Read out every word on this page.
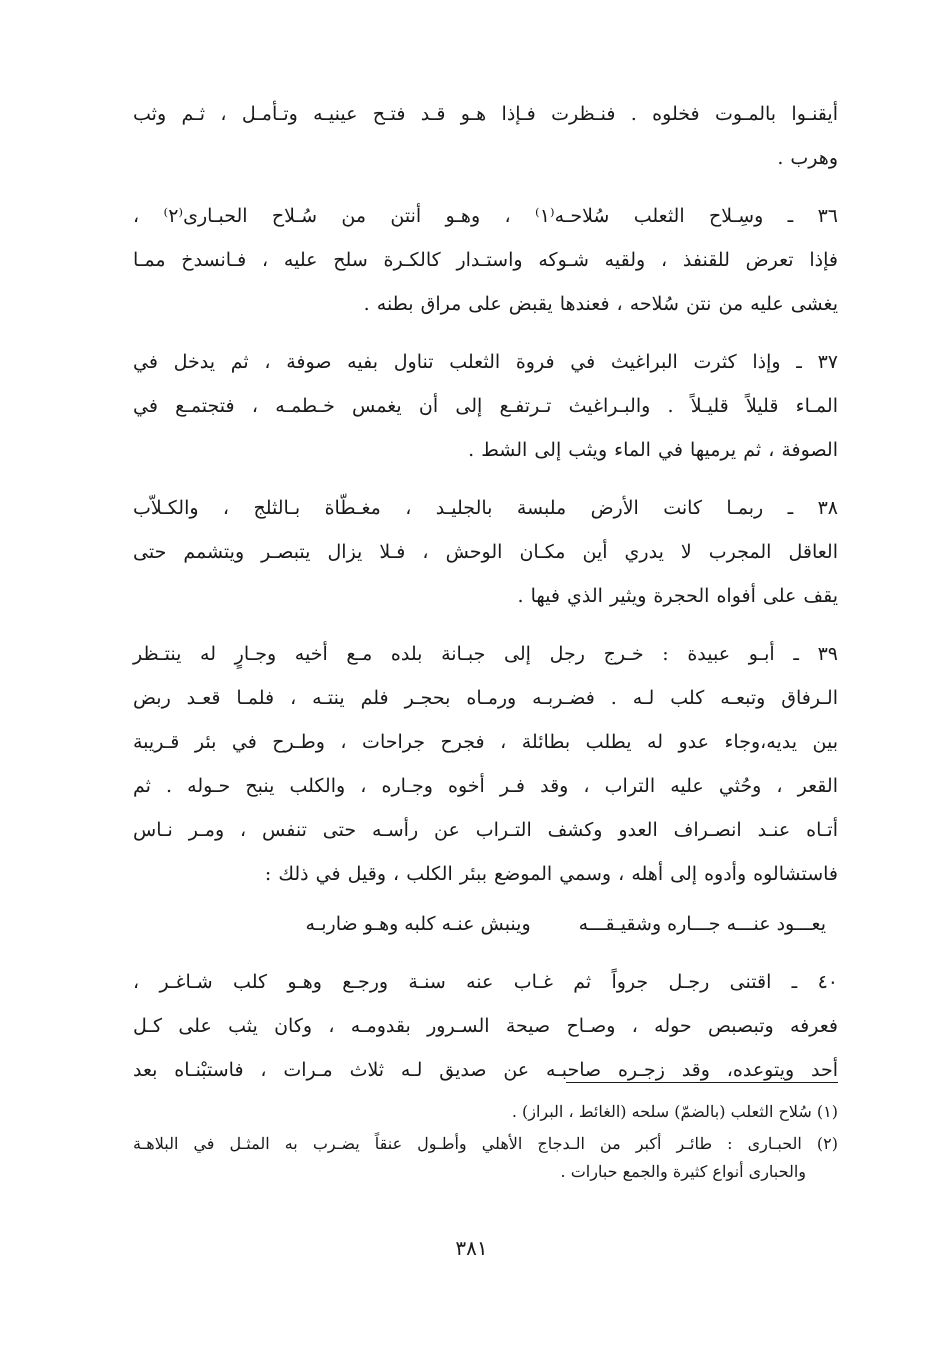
أيقنـوا بالمـوت فخلوه . فنـظرت فـإذا هـو قـد فتـح عينيـه وتـأمـل ، ثـم وثب
وهرب .

٣٦ ـ وسِـلاح الثعلب سُلاحـه⁽١⁾ ، وهـو أنتن من سُـلاح الحبـارى⁽٢⁾ ،
فإذا تعرض للقنفذ ، ولقيه شـوكه واستـدار كالكـرة سلح عليه ، فـانسدخ ممـا
يغشى عليه من نتن سُلاحه ، فعندها يقبض على مراق بطنه .

٣٧ ـ وإذا كثرت البراغيث في فروة الثعلب تناول بفيه صوفة ، ثم يدخل في
المـاء قليلاً قليـلاً . والبـراغيث تـرتفـع إلى أن يغمس خـطمـه ، فتجتمـع في
الصوفة ، ثم يرميها في الماء ويثب إلى الشط .

٣٨ ـ ربمـا كانت الأرض ملبسة بالجليـد ، مغـطّاة بـالثلج ، والكـلاّب
العاقل المجرب لا يدري أين مكـان الوحش ، فـلا يزال يتبصـر ويتشمم حتى
يقف على أفواه الحجرة ويثير الذي فيها .

٣٩ ـ أبـو عبيدة : خـرج رجل إلى جبـانة بلده مـع أخيه وجـارٍ له ينتـظر
الـرفاق وتبعـه كلب لـه . فضـربـه ورمـاه بحجـر فلم ينتـه ، فلمـا قعـد ربض
بين يديه،وجاء عدو له يطلب بطائلة ، فجرح جراحات ، وطـرح في بئر قـريبة
القعر ، وحُثي عليه التراب ، وقد فـر أخوه وجـاره ، والكلب ينبح حـوله . ثم
أتـاه عنـد انصـراف العدو وكشف التـراب عن رأسـه حتى تنفس ، ومـر نـاس
فاستشالوه وأدوه إلى أهله ، وسمي الموضع ببئر الكلب ، وقيل في ذلك :

يعـــود عنـــه جـــاره وشقيـقـــه
وينبش عنـه كلبه وهـو ضاربـه

٤٠ ـ اقتنى رجـل جرواً ثم غـاب عنه سنـة ورجـع وهـو كلب شـاغـر ،
فعرفه وتبصبص حوله ، وصـاح صيحة السـرور بقدومـه ، وكان يثب على كـل
أحد ويتوعده، وقد زجـره صاحبـه عن صديق لـه ثلاث مـرات ، فاستبْنـاه بعد

(١) سُلاح الثعلب (بالضمّ) سلحه (الغائط ، البراز) .
(٢) الحبـارى : طائـر أكبر من الـدجاج الأهلي وأطـول عنقاً يضـرب به المثـل في البلاهـة
والحبارى أنواع كثيرة والجمع حبارات .
٣٨١
